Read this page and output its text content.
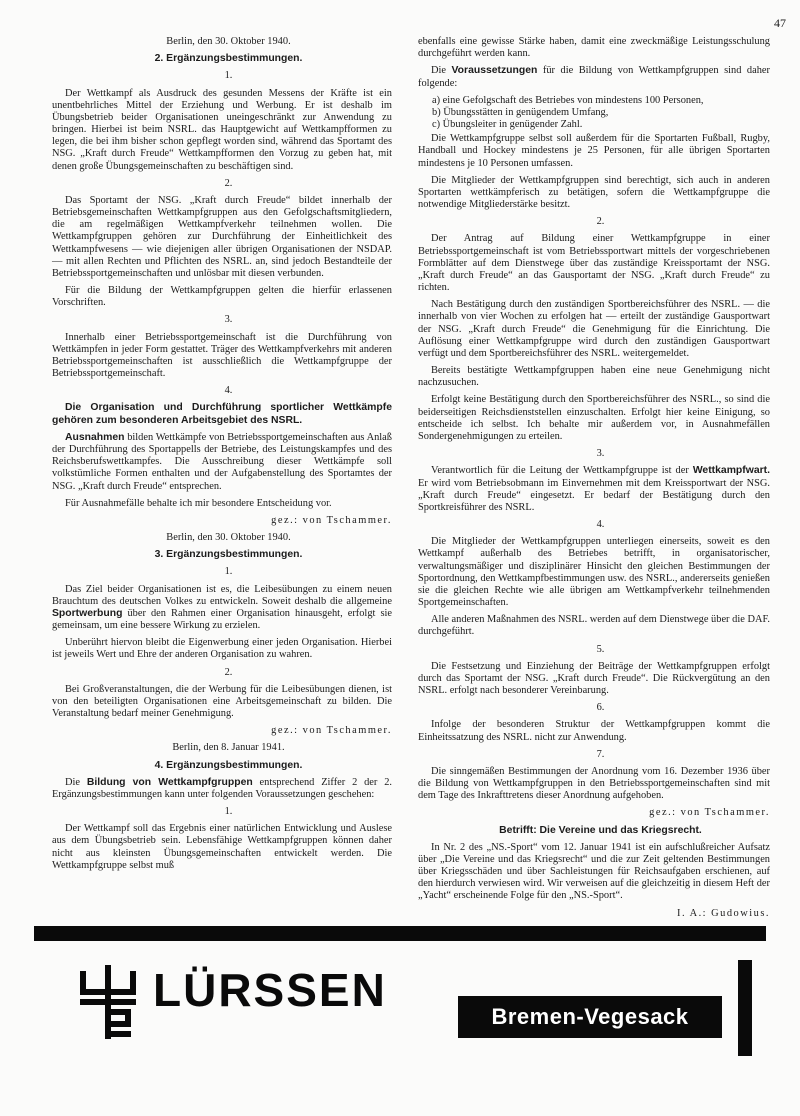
47

Berlin, den 30. Oktober 1940.

2. Ergänzungsbestimmungen.

1.

Der Wettkampf als Ausdruck des gesunden Messens der Kräfte ist ein unentbehrliches Mittel der Erziehung und Werbung. Er ist deshalb im Übungsbetrieb beider Organisationen uneingeschränkt zur Anwendung zu bringen. Hierbei ist beim NSRL. das Hauptgewicht auf Wettkampfformen zu legen, die bei ihm bisher schon gepflegt worden sind, während das Sportamt des NSG. „Kraft durch Freude“ Wettkampfformen den Vorzug zu geben hat, mit denen große Übungsgemeinschaften zu beschäftigen sind.

2.

Das Sportamt der NSG. „Kraft durch Freude“ bildet innerhalb der Betriebsgemeinschaften Wettkampfgruppen aus den Gefolgschaftsmitgliedern, die am regelmäßigen Wettkampfverkehr teilnehmen wollen. Die Wettkampfgruppen gehören zur Durchführung der Einheitlichkeit des Wettkampfwesens — wie diejenigen aller übrigen Organisationen der NSDAP. — mit allen Rechten und Pflichten des NSRL. an, sind jedoch Bestandteile der Betriebssportgemeinschaften und unlösbar mit diesen verbunden.

Für die Bildung der Wettkampfgruppen gelten die hierfür erlassenen Vorschriften.

3.

Innerhalb einer Betriebssportgemeinschaft ist die Durchführung von Wettkämpfen in jeder Form gestattet. Träger des Wettkampfverkehrs mit anderen Betriebssportgemeinschaften ist ausschließlich die Wettkampfgruppe der Betriebssportgemeinschaft.

4.

Die Organisation und Durchführung sportlicher Wettkämpfe gehören zum besonderen Arbeitsgebiet des NSRL.

Ausnahmen bilden Wettkämpfe von Betriebssportgemeinschaften aus Anlaß der Durchführung des Sportappells der Betriebe, des Leistungskampfes und des Reichsberufswettkampfes. Die Ausschreibung dieser Wettkämpfe soll volkstümliche Formen enthalten und der Aufgabenstellung des Sportamtes der NSG. „Kraft durch Freude“ entsprechen.

Für Ausnahmefälle behalte ich mir besondere Entscheidung vor.

gez.: von Tschammer.

Berlin, den 30. Oktober 1940.

3. Ergänzungsbestimmungen.

1.

Das Ziel beider Organisationen ist es, die Leibesübungen zu einem neuen Brauchtum des deutschen Volkes zu entwickeln. Soweit deshalb die allgemeine Sportwerbung über den Rahmen einer Organisation hinausgeht, erfolgt sie gemeinsam, um eine bessere Wirkung zu erzielen.

Unberührt hiervon bleibt die Eigenwerbung einer jeden Organisation. Hierbei ist jeweils Wert und Ehre der anderen Organisation zu wahren.

2.

Bei Großveranstaltungen, die der Werbung für die Leibesübungen dienen, ist von den beteiligten Organisationen eine Arbeitsgemeinschaft zu bilden. Die Veranstaltung bedarf meiner Genehmigung.

gez.: von Tschammer.

Berlin, den 8. Januar 1941.

4. Ergänzungsbestimmungen.

Die Bildung von Wettkampfgruppen entsprechend Ziffer 2 der 2. Ergänzungsbestimmungen kann unter folgenden Voraussetzungen geschehen:

1.

Der Wettkampf soll das Ergebnis einer natürlichen Entwicklung und Auslese aus dem Übungsbetrieb sein. Lebensfähige Wettkampfgruppen können daher nicht aus kleinsten Übungsgemeinschaften entwickelt werden. Die Wettkampfgruppe selbst muß

ebenfalls eine gewisse Stärke haben, damit eine zweckmäßige Leistungsschulung durchgeführt werden kann.

Die Voraussetzungen für die Bildung von Wettkampfgruppen sind daher folgende:

a) eine Gefolgschaft des Betriebes von mindestens 100 Personen,
b) Übungsstätten in genügendem Umfang,
c) Übungsleiter in genügender Zahl.

Die Wettkampfgruppe selbst soll außerdem für die Sportarten Fußball, Rugby, Handball und Hockey mindestens je 25 Personen, für alle übrigen Sportarten mindestens je 10 Personen umfassen.

Die Mitglieder der Wettkampfgruppen sind berechtigt, sich auch in anderen Sportarten wettkämpferisch zu betätigen, sofern die Wettkampfgruppe die notwendige Mitgliederstärke besitzt.

2.

Der Antrag auf Bildung einer Wettkampfgruppe in einer Betriebssportgemeinschaft ist vom Betriebssportwart mittels der vorgeschriebenen Formblätter auf dem Dienstwege über das zuständige Kreissportamt der NSG. „Kraft durch Freude“ an das Gausportamt der NSG. „Kraft durch Freude“ zu richten.

Nach Bestätigung durch den zuständigen Sportbereichsführer des NSRL. — die innerhalb von vier Wochen zu erfolgen hat — erteilt der zuständige Gausportwart der NSG. „Kraft durch Freude“ die Genehmigung für die Einrichtung. Die Auflösung einer Wettkampfgruppe wird durch den zuständigen Gausportwart verfügt und dem Sportbereichsführer des NSRL. weitergemeldet.

Bereits bestätigte Wettkampfgruppen haben eine neue Genehmigung nicht nachzusuchen.

Erfolgt keine Bestätigung durch den Sportbereichsführer des NSRL., so sind die beiderseitigen Reichsdienststellen einzuschalten. Erfolgt hier keine Einigung, so entscheide ich selbst. Ich behalte mir außerdem vor, in Ausnahmefällen Sondergenehmigungen zu erteilen.

3.

Verantwortlich für die Leitung der Wettkampfgruppe ist der Wettkampfwart. Er wird vom Betriebsobmann im Einvernehmen mit dem Kreissportwart der NSG. „Kraft durch Freude“ eingesetzt. Er bedarf der Bestätigung durch den Sportkreisführer des NSRL.

4.

Die Mitglieder der Wettkampfgruppen unterliegen einerseits, soweit es den Wettkampf außerhalb des Betriebes betrifft, in organisatorischer, verwaltungsmäßiger und disziplinärer Hinsicht den gleichen Bestimmungen der Sportordnung, den Wettkampfbestimmungen usw. des NSRL., andererseits genießen sie die gleichen Rechte wie alle übrigen am Wettkampfverkehr teilnehmenden Sportgemeinschaften.

Alle anderen Maßnahmen des NSRL. werden auf dem Dienstwege über die DAF. durchgeführt.

5.

Die Festsetzung und Einziehung der Beiträge der Wettkampfgruppen erfolgt durch das Sportamt der NSG. „Kraft durch Freude“. Die Rückvergütung an den NSRL. erfolgt nach besonderer Vereinbarung.

6.

Infolge der besonderen Struktur der Wettkampfgruppen kommt die Einheitssatzung des NSRL. nicht zur Anwendung.

7.

Die sinngemäßen Bestimmungen der Anordnung vom 16. Dezember 1936 über die Bildung von Wettkampfgruppen in den Betriebssportgemeinschaften sind mit dem Tage des Inkrafttretens dieser Anordnung aufgehoben.

gez.: von Tschammer.

Betrifft: Die Vereine und das Kriegsrecht.

In Nr. 2 des „NS.-Sport“ vom 12. Januar 1941 ist ein aufschlußreicher Aufsatz über „Die Vereine und das Kriegsrecht“ und die zur Zeit geltenden Bestimmungen über Kriegsschäden und über Sachleistungen für Reichsaufgaben erschienen, auf den hierdurch verwiesen wird. Wir verweisen auf die gleichzeitig in diesem Heft der „Yacht“ erscheinende Folge für den „NS.-Sport“.

I. A.: Gudowius.

LÜRSSEN
Bremen-Vegesack
